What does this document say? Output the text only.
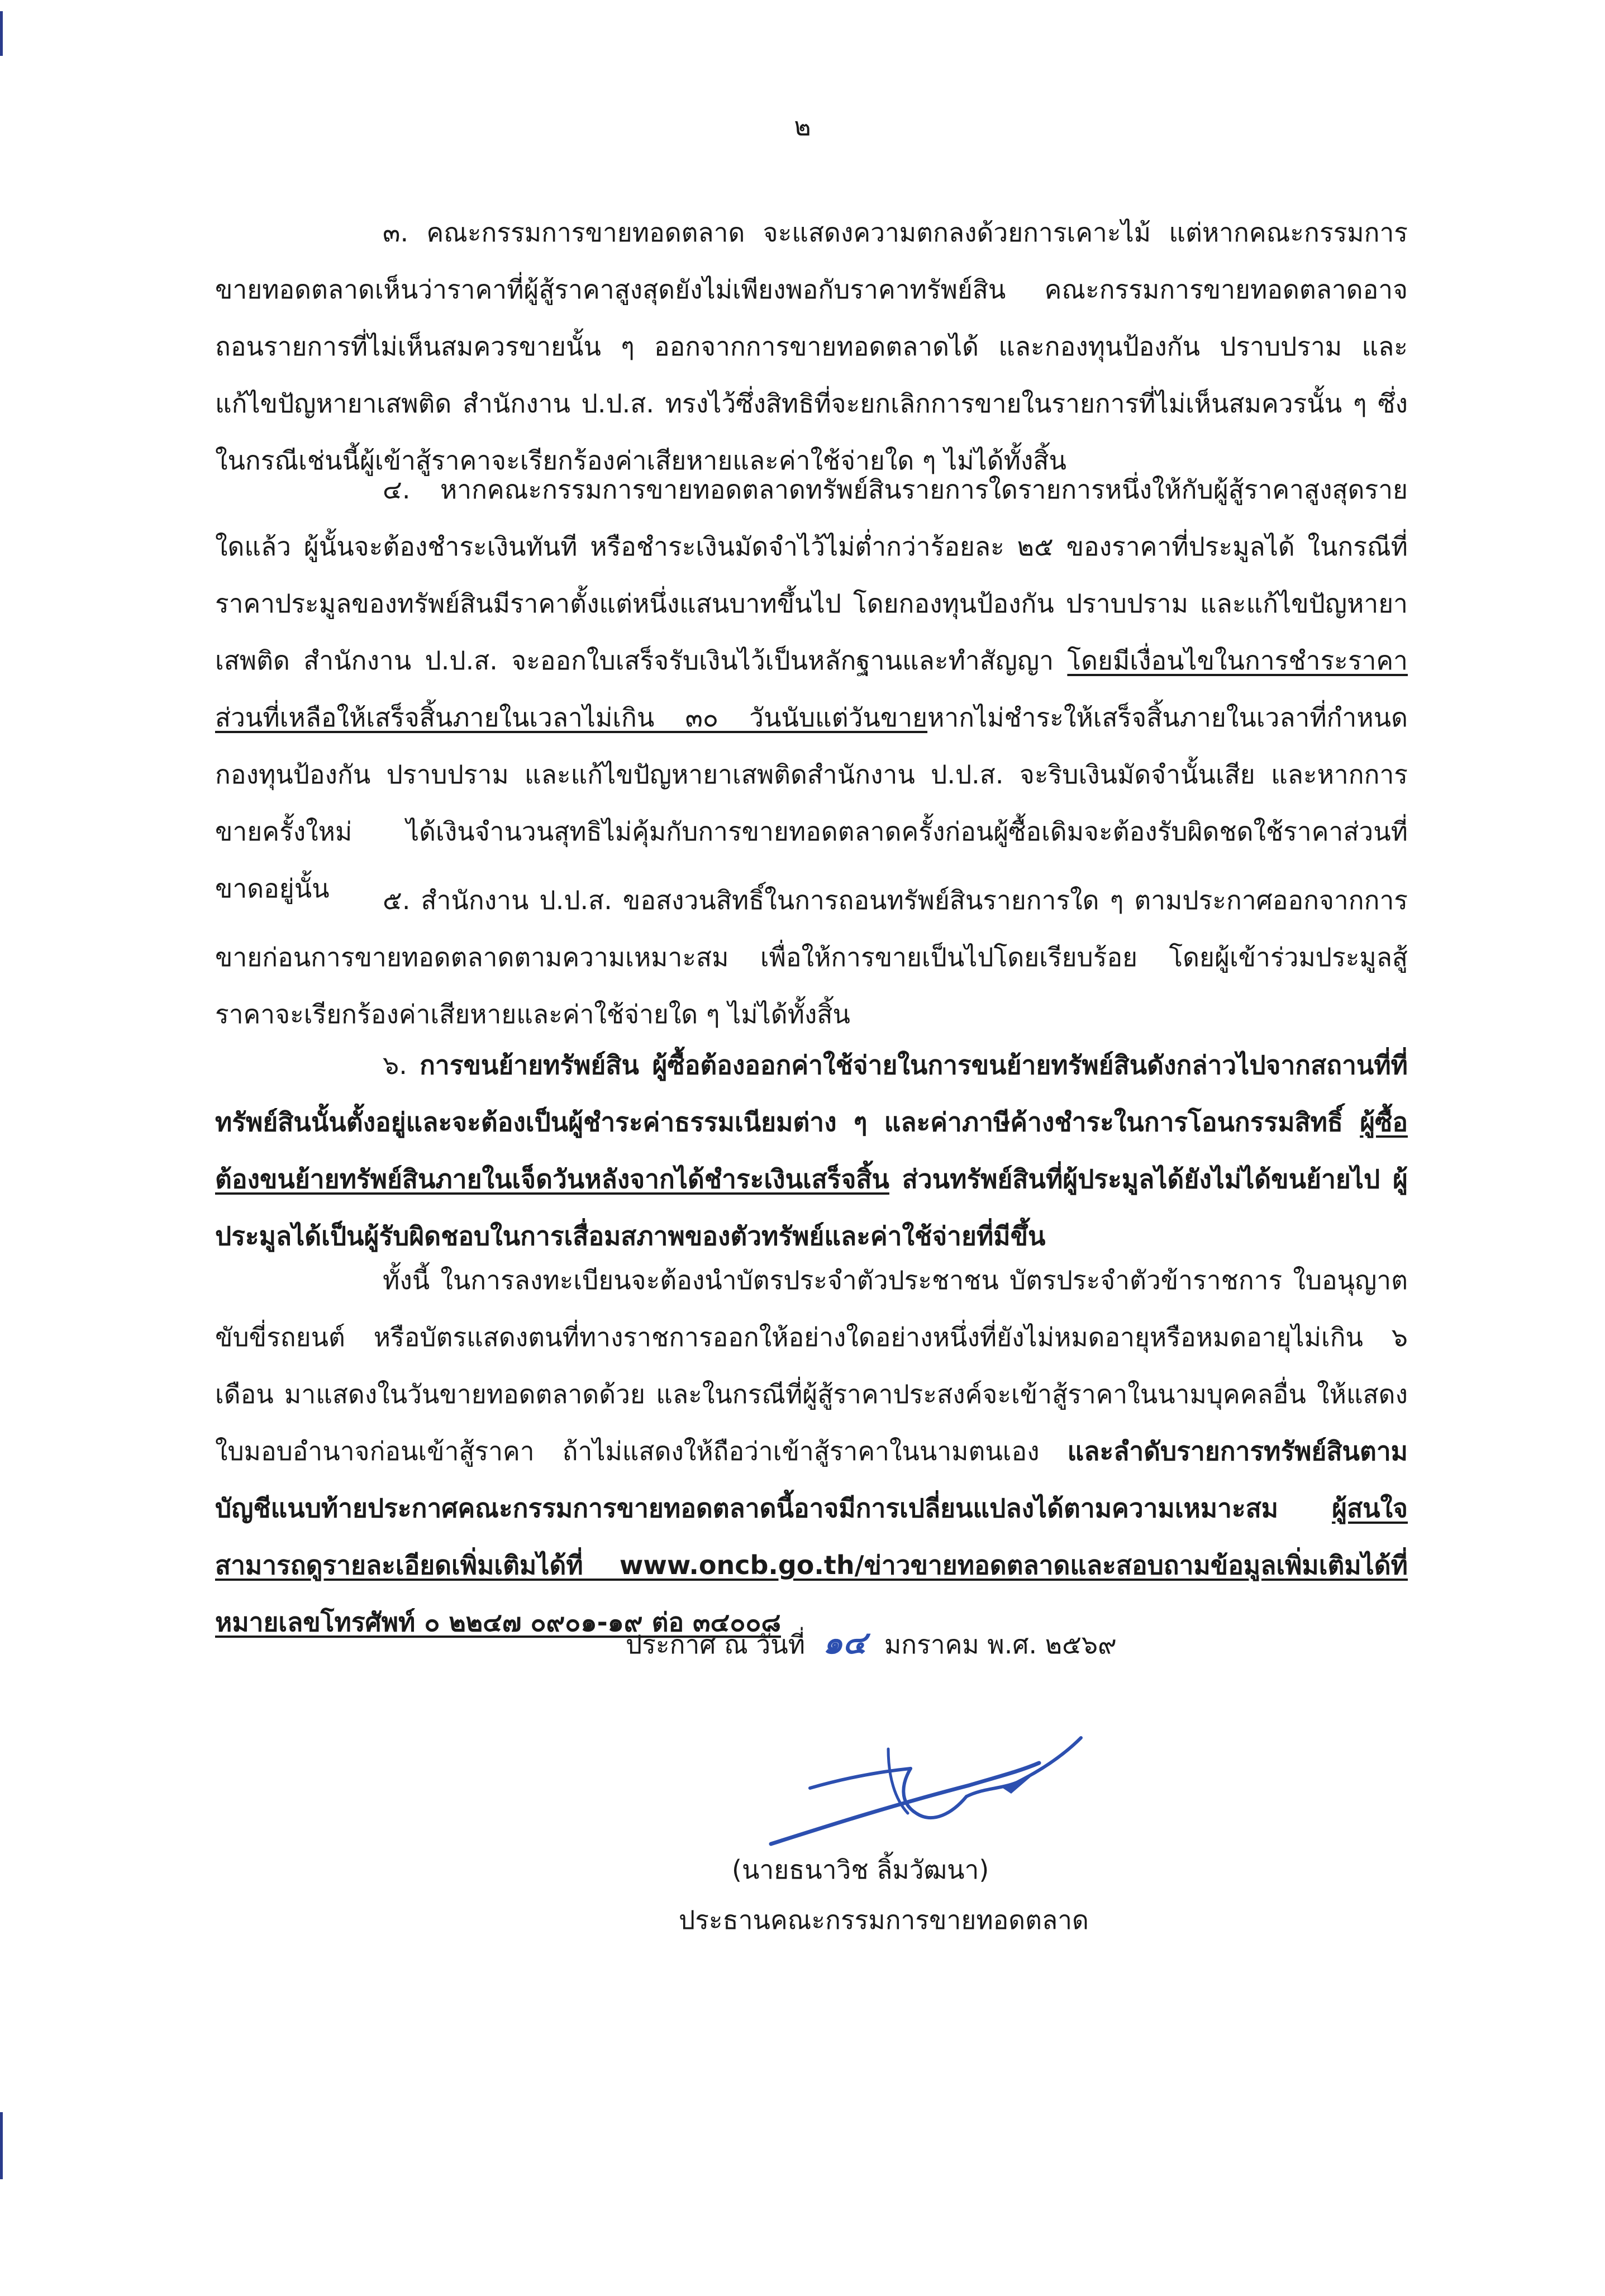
๒

๓. คณะกรรมการขายทอดตลาด จะแสดงความตกลงด้วยการเคาะไม้ แต่หากคณะกรรมการขายทอดตลาดเห็นว่าราคาที่ผู้สู้ราคาสูงสุดยังไม่เพียงพอกับราคาทรัพย์สิน คณะกรรมการขายทอดตลาดอาจถอนรายการที่ไม่เห็นสมควรขายนั้น ๆ ออกจากการขายทอดตลาดได้ และกองทุนป้องกัน ปราบปราม และแก้ไขปัญหายาเสพติด สำนักงาน ป.ป.ส. ทรงไว้ซึ่งสิทธิที่จะยกเลิกการขายในรายการที่ไม่เห็นสมควรนั้น ๆ ซึ่งในกรณีเช่นนี้ผู้เข้าสู้ราคาจะเรียกร้องค่าเสียหายและค่าใช้จ่ายใด ๆ ไม่ได้ทั้งสิ้น

๔. หากคณะกรรมการขายทอดตลาดทรัพย์สินรายการใดรายการหนึ่งให้กับผู้สู้ราคาสูงสุดรายใดแล้ว ผู้นั้นจะต้องชำระเงินทันที หรือชำระเงินมัดจำไว้ไม่ต่ำกว่าร้อยละ ๒๕ ของราคาที่ประมูลได้ ในกรณีที่ราคาประมูลของทรัพย์สินมีราคาตั้งแต่หนึ่งแสนบาทขึ้นไป โดยกองทุนป้องกัน ปราบปราม และแก้ไขปัญหายาเสพติด สำนักงาน ป.ป.ส. จะออกใบเสร็จรับเงินไว้เป็นหลักฐานและทำสัญญา โดยมีเงื่อนไขในการชำระราคาส่วนที่เหลือให้เสร็จสิ้นภายในเวลาไม่เกิน ๓๐ วันนับแต่วันขายหากไม่ชำระให้เสร็จสิ้นภายในเวลาที่กำหนด กองทุนป้องกัน ปราบปราม และแก้ไขปัญหายาเสพติดสำนักงาน ป.ป.ส. จะริบเงินมัดจำนั้นเสีย และหากการขายครั้งใหม่ ได้เงินจำนวนสุทธิไม่คุ้มกับการขายทอดตลาดครั้งก่อนผู้ซื้อเดิมจะต้องรับผิดชดใช้ราคาส่วนที่ขาดอยู่นั้น	๕. สำนักงาน ป.ป.ส. ขอสงวนสิทธิ์ในการถอนทรัพย์สินรายการใด ๆ ตามประกาศออกจากการขายก่อนการขายทอดตลาดตามความเหมาะสม เพื่อให้การขายเป็นไปโดยเรียบร้อย โดยผู้เข้าร่วมประมูลสู้ราคาจะเรียกร้องค่าเสียหายและค่าใช้จ่ายใด ๆ ไม่ได้ทั้งสิ้น

๖. การขนย้ายทรัพย์สิน ผู้ซื้อต้องออกค่าใช้จ่ายในการขนย้ายทรัพย์สินดังกล่าวไปจากสถานที่ที่ทรัพย์สินนั้นตั้งอยู่และจะต้องเป็นผู้ชำระค่าธรรมเนียมต่าง ๆ และค่าภาษีค้างชำระในการโอนกรรมสิทธิ์ ผู้ซื้อต้องขนย้ายทรัพย์สินภายในเจ็ดวันหลังจากได้ชำระเงินเสร็จสิ้น ส่วนทรัพย์สินที่ผู้ประมูลได้ยังไม่ได้ขนย้ายไป ผู้ประมูลได้เป็นผู้รับผิดชอบในการเสื่อมสภาพของตัวทรัพย์และค่าใช้จ่ายที่มีขึ้น

ทั้งนี้ ในการลงทะเบียนจะต้องนำบัตรประจำตัวประชาชน บัตรประจำตัวข้าราชการ ใบอนุญาตขับขี่รถยนต์ หรือบัตรแสดงตนที่ทางราชการออกให้อย่างใดอย่างหนึ่งที่ยังไม่หมดอายุหรือหมดอายุไม่เกิน ๖ เดือน มาแสดงในวันขายทอดตลาดด้วย และในกรณีที่ผู้สู้ราคาประสงค์จะเข้าสู้ราคาในนามบุคคลอื่น ให้แสดงใบมอบอำนาจก่อนเข้าสู้ราคา ถ้าไม่แสดงให้ถือว่าเข้าสู้ราคาในนามตนเอง และลำดับรายการทรัพย์สินตามบัญชีแนบท้ายประกาศคณะกรรมการขายทอดตลาดนี้อาจมีการเปลี่ยนแปลงได้ตามความเหมาะสม ผู้สนใจสามารถดูรายละเอียดเพิ่มเติมได้ที่ www.oncb.go.th/ข่าวขายทอดตลาดและสอบถามข้อมูลเพิ่มเติมได้ที่หมายเลขโทรศัพท์ ๐ ๒๒๔๗ ๐๙๐๑-๑๙ ต่อ ๓๔๐๐๘

ประกาศ ณ วันที่ ๑๔ มกราคม พ.ศ. ๒๕๖๙
(นายธนาวิช ลิ้มวัฒนา)
ประธานคณะกรรมการขายทอดตลาด
